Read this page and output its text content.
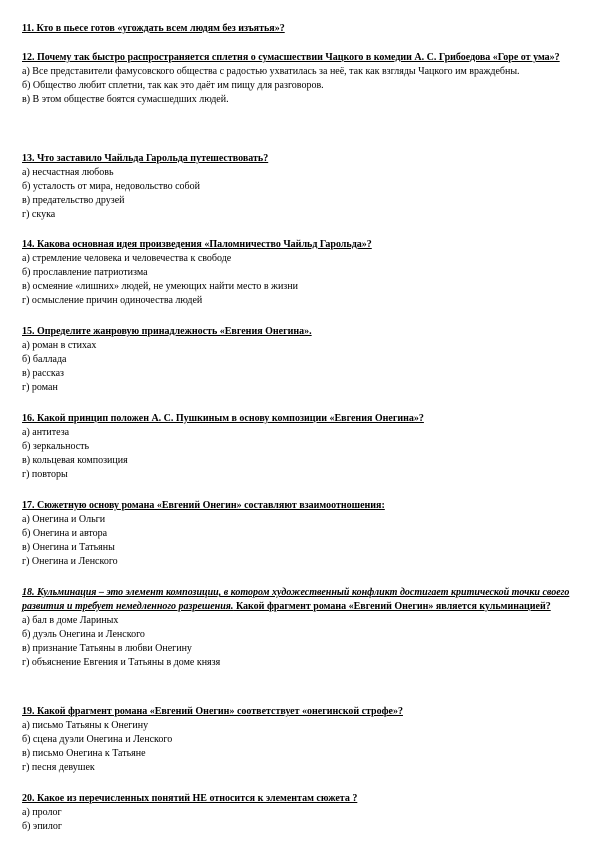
11. Кто в пьесе готов «угождать всем людям без изъятья»?

12. Почему так быстро распространяется сплетня о сумасшествии Чацкого в комедии А. С. Грибоедова «Горе от ума»?

а) Все представители фамусовского общества с радостью ухватилась за неё, так как взгляды Чацкого им враждебны.

б) Общество любит сплетни, так как это даёт им пищу для разговоров.

в) В этом обществе боятся сумасшедших людей.

13. Что заставило Чайльда Гарольда путешествовать?

а) несчастная любовь

б) усталость от мира, недовольство собой

в) предательство друзей

г) скука

14. Какова основная идея произведения «Паломничество Чайльд Гарольда»?

а) стремление человека и человечества к свободе

б) прославление патриотизма

в) осмеяние «лишних» людей, не умеющих найти место в жизни

г) осмысление причин одиночества людей

15. Определите жанровую принадлежность «Евгения Онегина».

а) роман в стихах

б) баллада

в) рассказ

г) роман

16. Какой принцип положен А. С. Пушкиным в основу композиции «Евгения Онегина»?

а) антитеза

б) зеркальность

в) кольцевая композиция

г) повторы

17. Сюжетную основу романа «Евгений Онегин» составляют взаимоотношения:

а) Онегина и Ольги

б) Онегина и автора

в) Онегина и Татьяны

г) Онегина и Ленского

18. Кульминация – это элемент композиции, в котором художественный конфликт достигает критической точки своего развития и требует немедленного разрешения. Какой фрагмент романа «Евгений Онегин» является кульминацией?

а) бал в доме Лариных

б) дуэль Онегина и Ленского

в) признание Татьяны в любви Онегину

г) объяснение Евгения и Татьяны в доме князя

19. Какой фрагмент романа «Евгений Онегин» соответствует «онегинской строфе»?

а) письмо Татьяны к Онегину

б) сцена дуэли Онегина и Ленского

в) письмо Онегина к Татьяне

г) песня девушек

20. Какое из перечисленных понятий НЕ относится к элементам сюжета ?

а) пролог

б) эпилог
